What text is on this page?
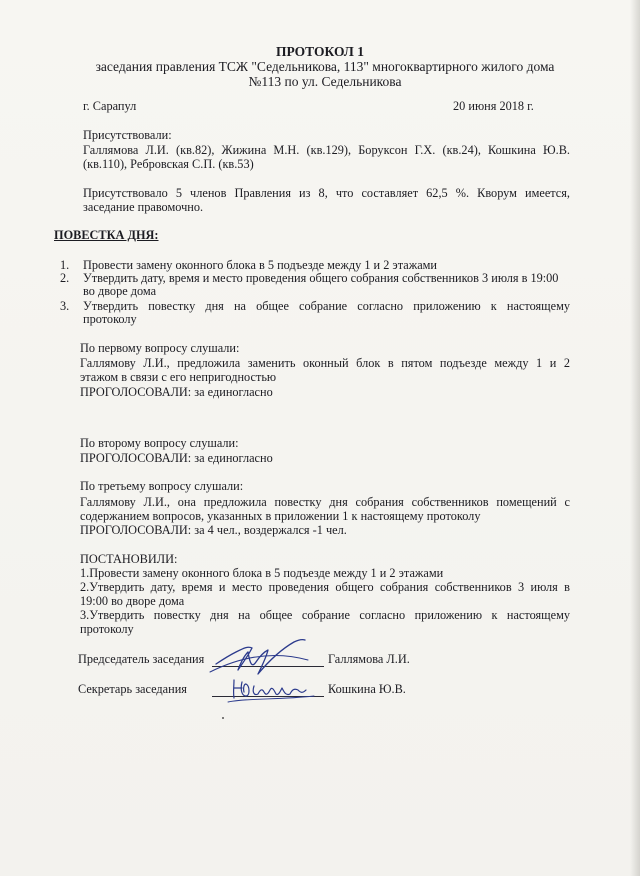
ПРОТОКОЛ 1
заседания правления ТСЖ "Седельникова, 113" многоквартирного жилого дома №113 по ул. Седельникова
г. Сарапул	20 июня 2018 г.
Присутствовали:
Галлямова Л.И. (кв.82), Жижина М.Н. (кв.129), Боруксон Г.Х. (кв.24), Кошкина Ю.В.
(кв.110), Ребровская С.П. (кв.53)
Присутствовало 5 членов Правления из 8, что составляет 62,5 %. Кворум имеется,
заседание правомочно.
ПОВЕСТКА ДНЯ:
1. Провести замену оконного блока в 5 подъезде между 1 и 2 этажами
2. Утвердить дату, время и место проведения общего собрания собственников 3 июля в 19:00
во дворе дома
3. Утвердить повестку дня на общее собрание согласно приложению к настоящему
протоколу
По первому вопросу слушали:
Галлямову Л.И., предложила заменить оконный блок в пятом подъезде между 1 и 2
этажом в связи с его непригодностью
ПРОГОЛОСОВАЛИ: за единогласно
По второму вопросу слушали:
ПРОГОЛОСОВАЛИ: за единогласно
По третьему вопросу слушали:
Галлямову Л.И., она предложила повестку дня собрания собственников помещений с
содержанием вопросов, указанных в приложении 1 к настоящему протоколу
ПРОГОЛОСОВАЛИ: за 4 чел., воздержался -1 чел.
ПОСТАНОВИЛИ:
1.Провести замену оконного блока в 5 подъезде между 1 и 2 этажами
2.Утвердить дату, время и место проведения общего собрания собственников 3 июля в
19:00 во дворе дома
3.Утвердить повестку дня на общее собрание согласно приложению к настоящему
протоколу
Председатель заседания	Галлямова Л.И.
Секретарь заседания	Кошкина Ю.В.
